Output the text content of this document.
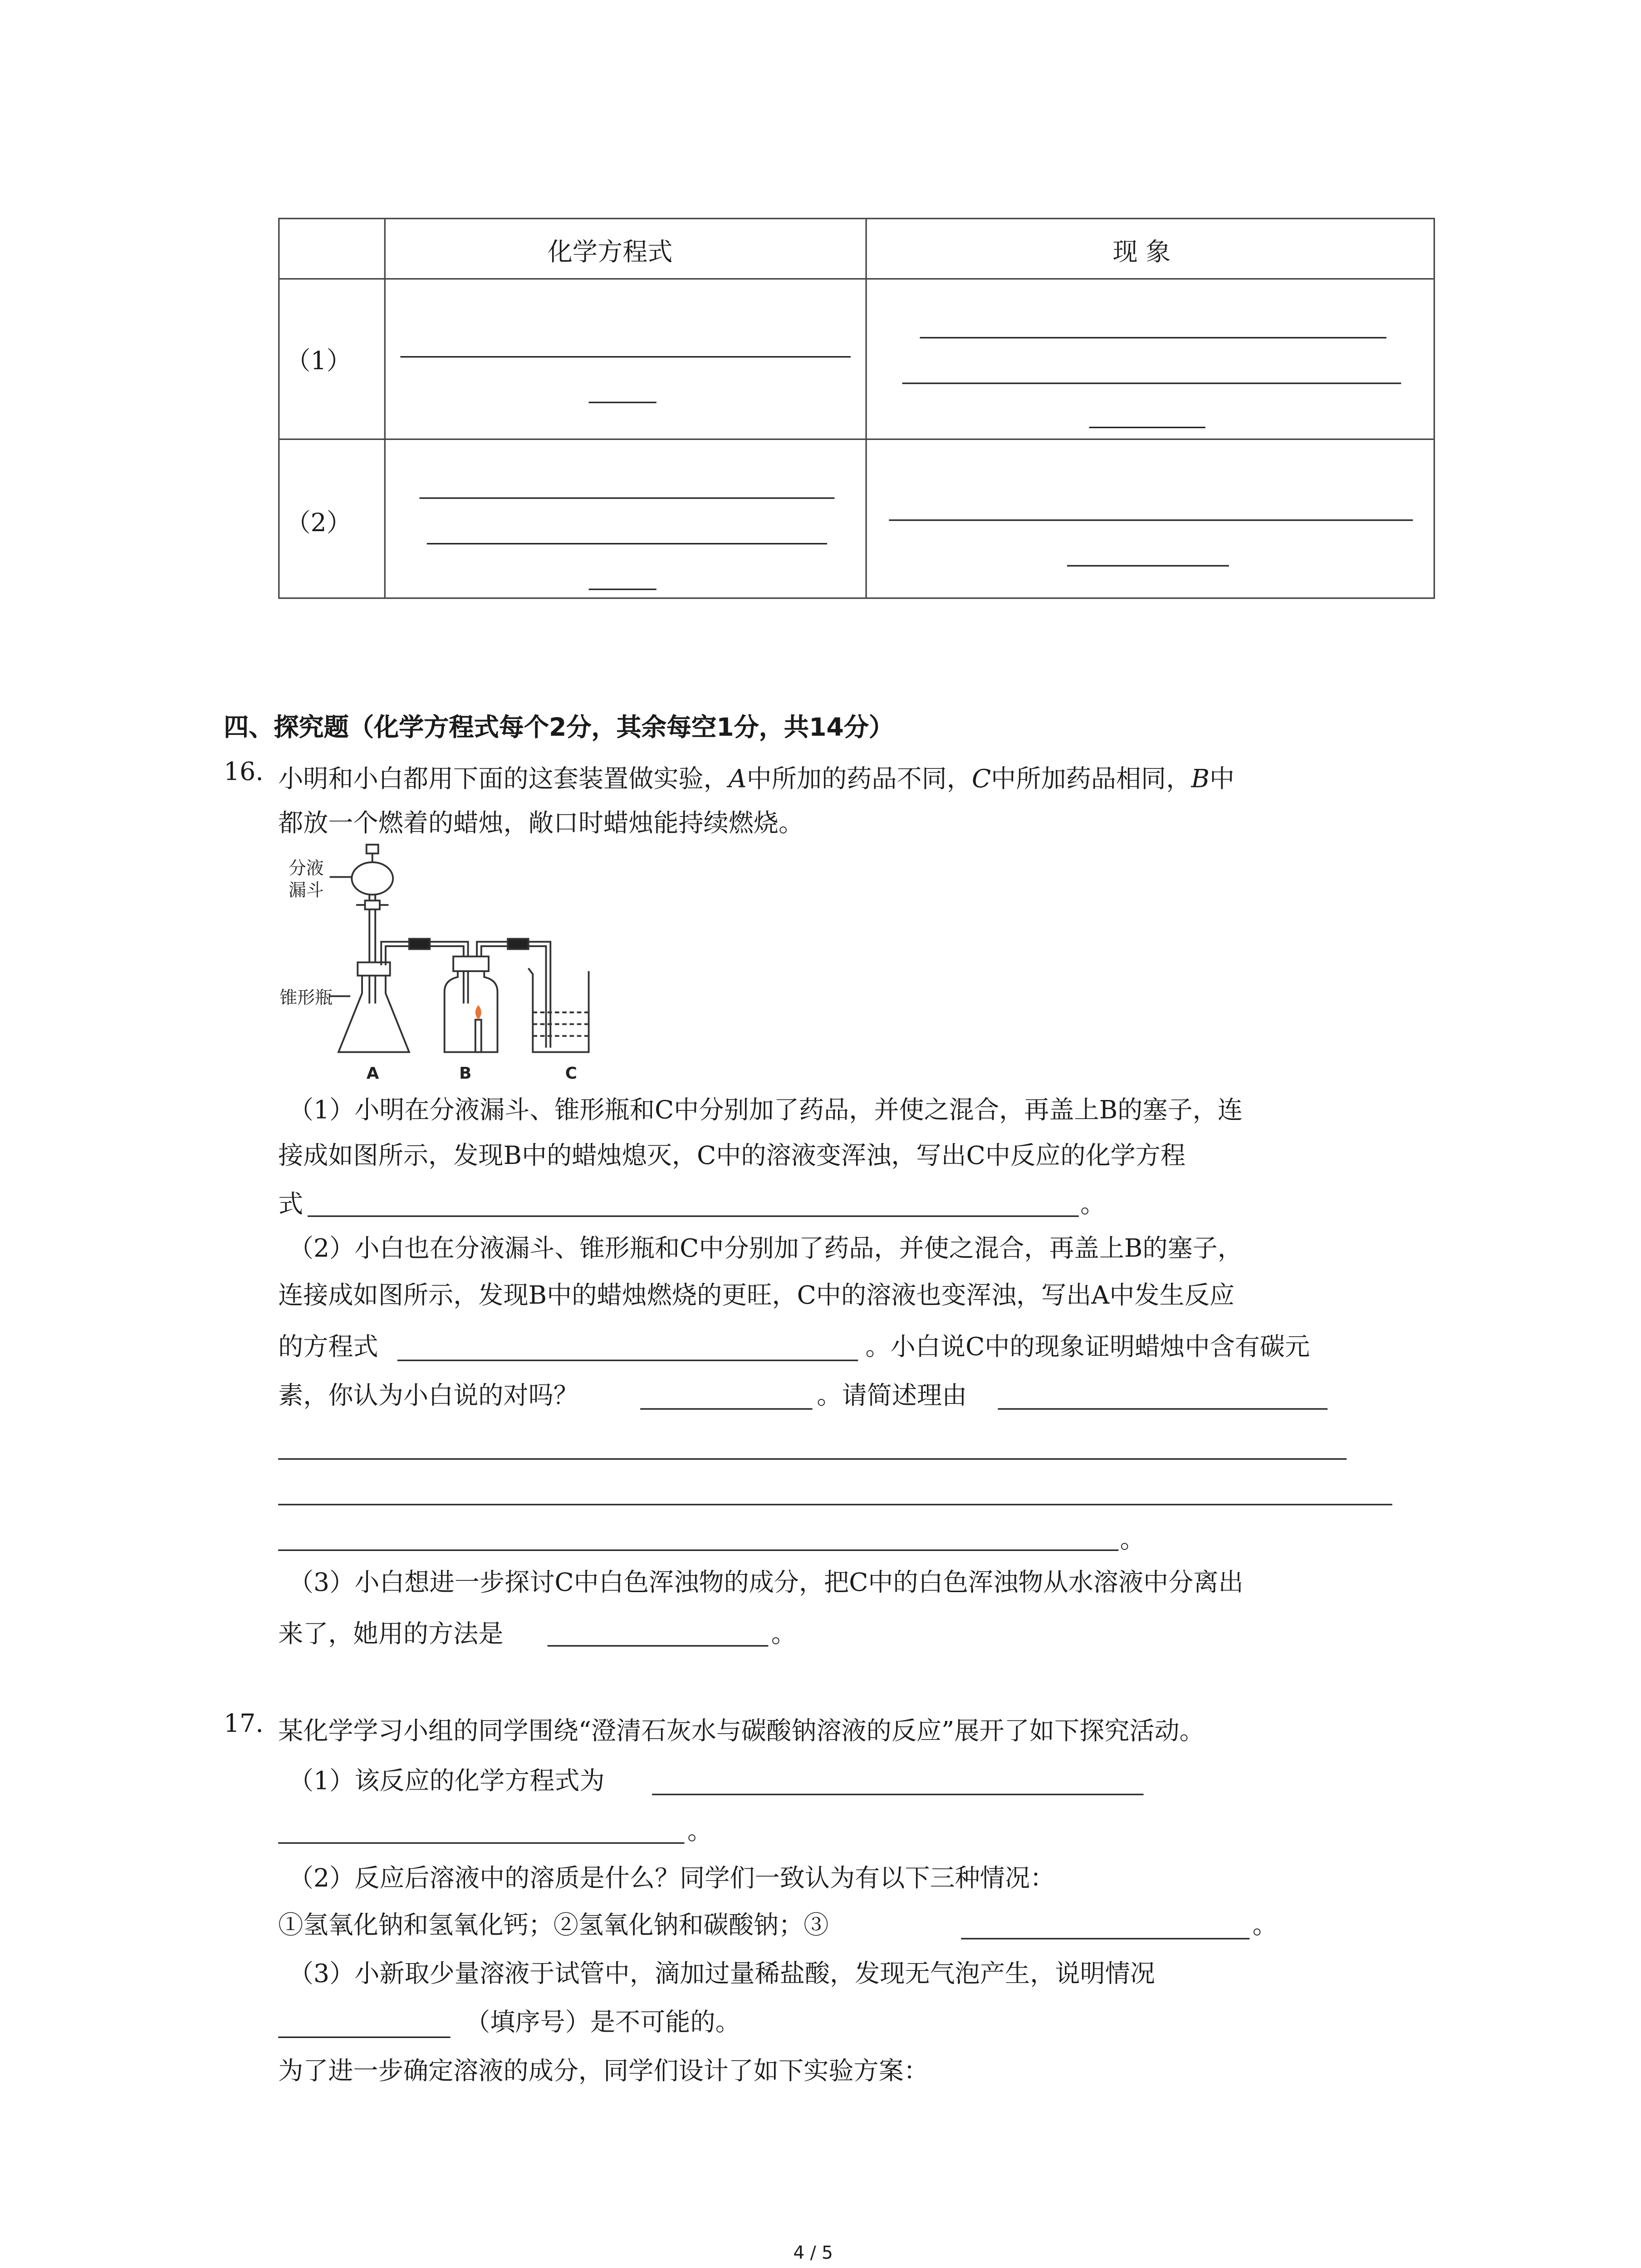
化学方程式	现 象
（1）
（2）
四、探究题（化学方程式每个2分，其余每空1分，共14分）
16. 小明和小白都用下面的这套装置做实验，A中所加的药品不同，C中所加药品相同，B中
都放一个燃着的蜡烛，敞口时蜡烛能持续燃烧。
分液
漏斗
锥形瓶
A	B	C
（1）小明在分液漏斗、锥形瓶和C中分别加了药品，并使之混合，再盖上B的塞子，连
接成如图所示，发现B中的蜡烛熄灭，C中的溶液变浑浊，写出C中反应的化学方程
式	。
（2）小白也在分液漏斗、锥形瓶和C中分别加了药品，并使之混合，再盖上B的塞子，
连接成如图所示，发现B中的蜡烛燃烧的更旺，C中的溶液也变浑浊，写出A中发生反应
的方程式	。小白说C中的现象证明蜡烛中含有碳元
素，你认为小白说的对吗？	。请简述理由
。
（3）小白想进一步探讨C中白色浑浊物的成分，把C中的白色浑浊物从水溶液中分离出
来了，她用的方法是	。
17. 某化学学习小组的同学围绕“澄清石灰水与碳酸钠溶液的反应”展开了如下探究活动。
（1）该反应的化学方程式为
。
（2）反应后溶液中的溶质是什么？同学们一致认为有以下三种情况：
①氢氧化钠和氢氧化钙；②氢氧化钠和碳酸钠；③	。
（3）小新取少量溶液于试管中，滴加过量稀盐酸，发现无气泡产生，说明情况
（填序号）是不可能的。
为了进一步确定溶液的成分，同学们设计了如下实验方案：
4 / 5
